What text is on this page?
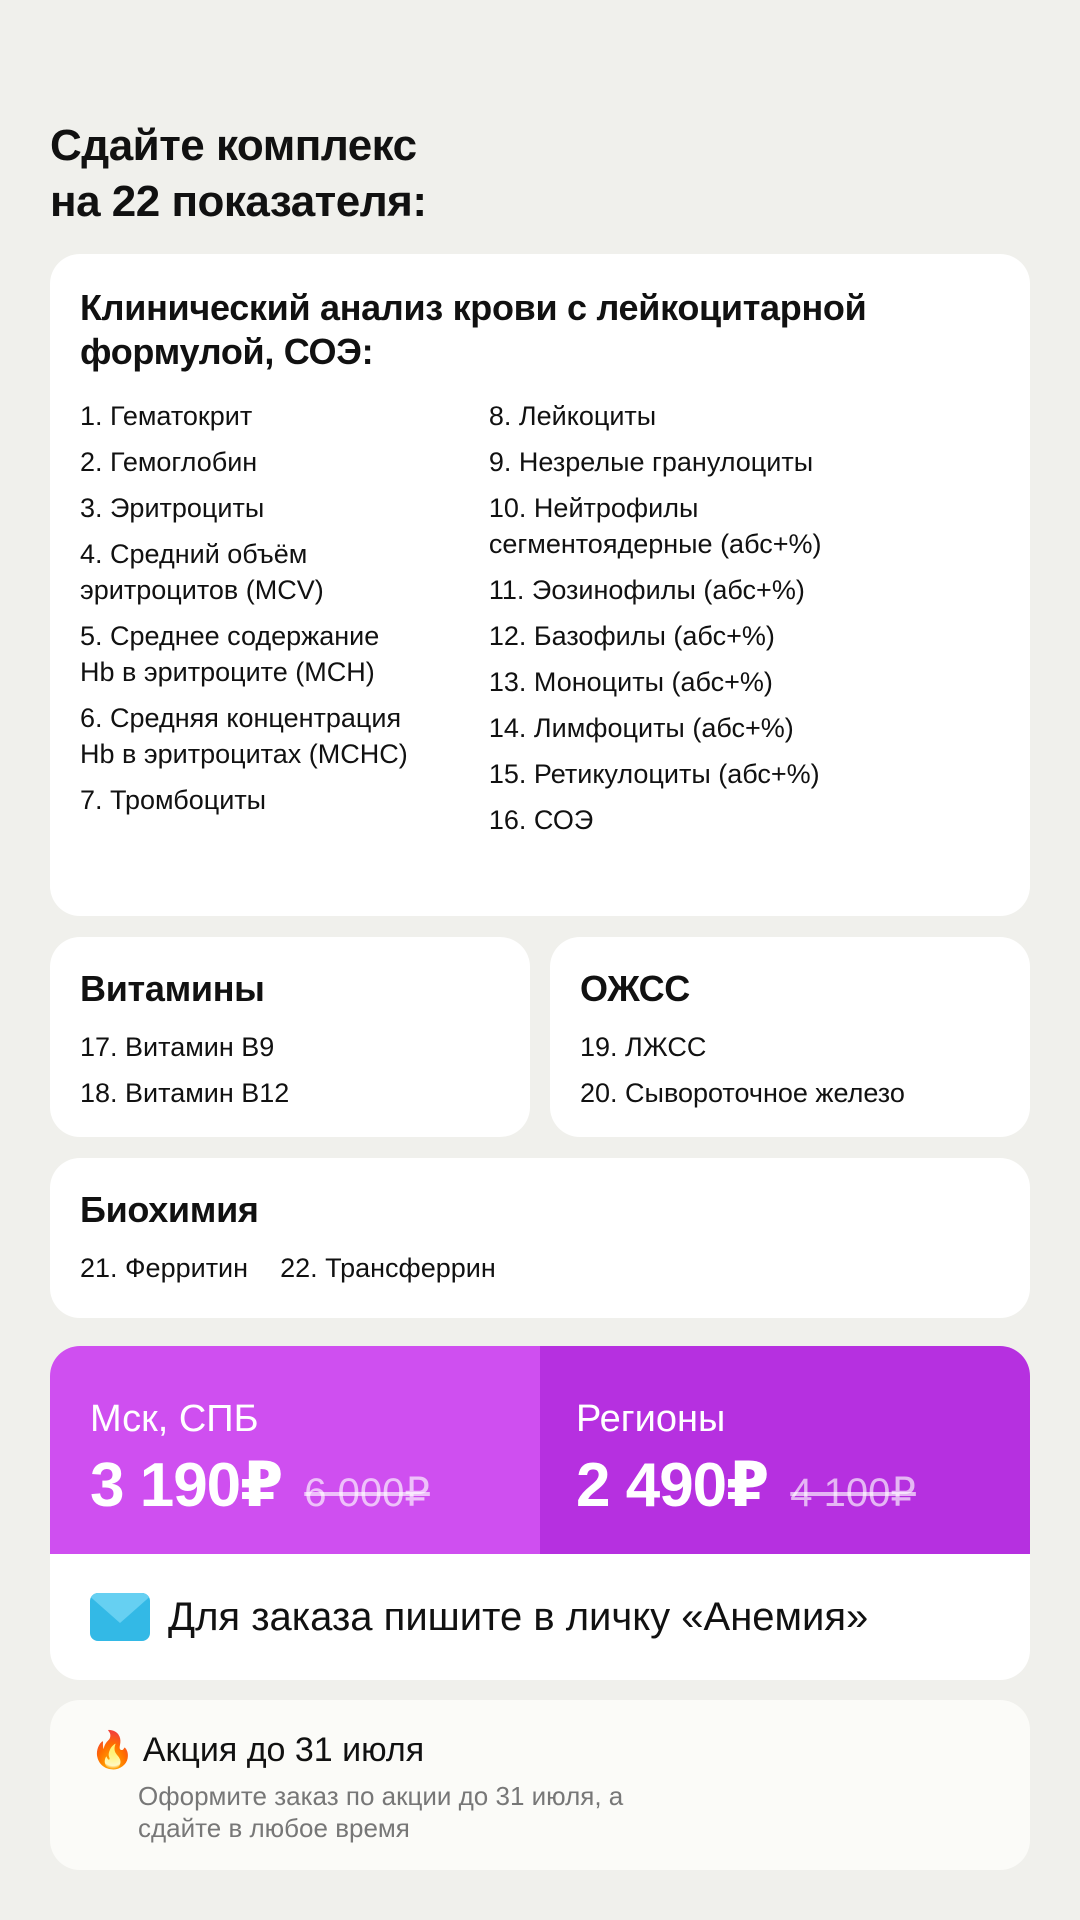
Сдайте комплекс
на 22 показателя:
Клинический анализ крови с лейкоцитарной
формулой, СОЭ:
1. Гематокрит
2. Гемоглобин
3. Эритроциты
4. Средний объём эритроцитов (MCV)
5. Среднее содержание Hb в эритроците (MCH)
6. Средняя концентрация Hb в эритроцитах (MCHC)
7. Тромбоциты
8. Лейкоциты
9. Незрелые гранулоциты
10. Нейтрофилы сегментоядерные (абс+%)
11. Эозинофилы (абс+%)
12. Базофилы (абс+%)
13. Моноциты (абс+%)
14. Лимфоциты (абс+%)
15. Ретикулоциты (абс+%)
16. СОЭ
Витамины
17. Витамин B9
18. Витамин B12
ОЖСС
19. ЛЖСС
20. Сывороточное железо
Биохимия
21. Ферритин 22. Трансферрин
Мск, СПБ
3 190₽ 6 000₽
Регионы
2 490₽ 4 100₽
Для заказа пишите в личку «Анемия»
🔥 Акция до 31 июля
Оформите заказ по акции до 31 июля, а сдайте в любое время
